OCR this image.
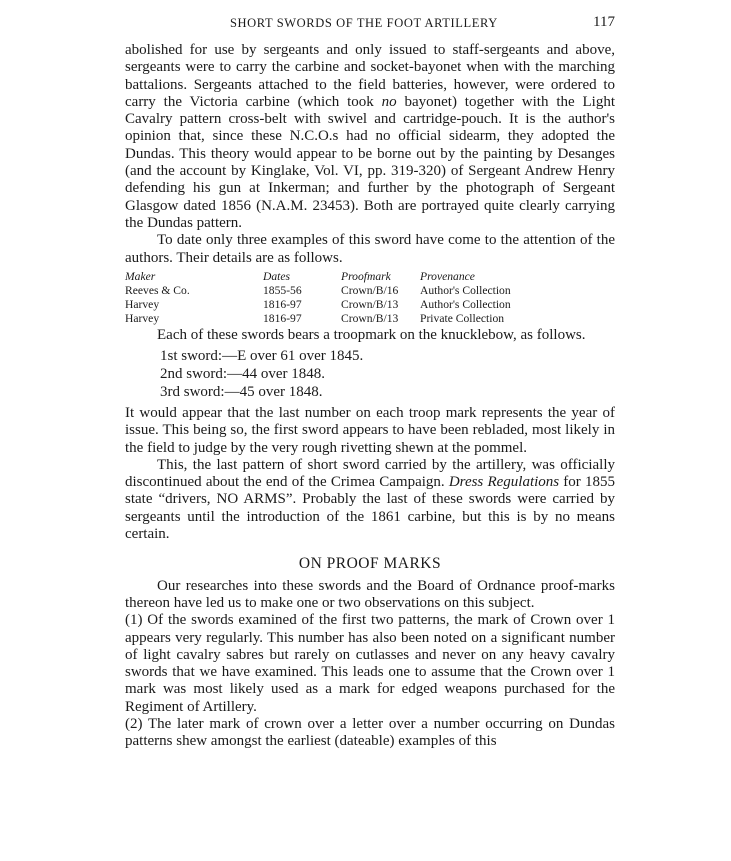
SHORT SWORDS OF THE FOOT ARTILLERY	117

abolished for use by sergeants and only issued to staff-sergeants and above, sergeants were to carry the carbine and socket-bayonet when with the marching battalions. Sergeants attached to the field batteries, however, were ordered to carry the Victoria carbine (which took no bayonet) together with the Light Cavalry pattern cross-belt with swivel and cartridge-pouch. It is the author's opinion that, since these N.C.O.s had no official sidearm, they adopted the Dundas. This theory would appear to be borne out by the painting by Desanges (and the account by Kinglake, Vol. VI, pp. 319-320) of Sergeant Andrew Henry defending his gun at Inkerman; and further by the photograph of Sergeant Glasgow dated 1856 (N.A.M. 23453). Both are portrayed quite clearly carrying the Dundas pattern.

To date only three examples of this sword have come to the attention of the authors. Their details are as follows.

Maker	Dates	Proofmark	Provenance
Reeves & Co.	1855-56	Crown/B/16	Author's Collection
Harvey	1816-97	Crown/B/13	Author's Collection
Harvey	1816-97	Crown/B/13	Private Collection

Each of these swords bears a troopmark on the knucklebow, as follows.

1st sword:—E over 61 over 1845.
2nd sword:—44 over 1848.
3rd sword:—45 over 1848.

It would appear that the last number on each troop mark represents the year of issue. This being so, the first sword appears to have been rebladed, most likely in the field to judge by the very rough rivetting shewn at the pommel.

This, the last pattern of short sword carried by the artillery, was officially discontinued about the end of the Crimea Campaign. Dress Regulations for 1855 state “drivers, NO ARMS”. Probably the last of these swords were carried by sergeants until the introduction of the 1861 carbine, but this is by no means certain.

ON PROOF MARKS

Our researches into these swords and the Board of Ordnance proof-marks thereon have led us to make one or two observations on this subject.

(1) Of the swords examined of the first two patterns, the mark of Crown over 1 appears very regularly. This number has also been noted on a significant number of light cavalry sabres but rarely on cutlasses and never on any heavy cavalry swords that we have examined. This leads one to assume that the Crown over 1 mark was most likely used as a mark for edged weapons purchased for the Regiment of Artillery.

(2) The later mark of crown over a letter over a number occurring on Dundas patterns shew amongst the earliest (dateable) examples of this
